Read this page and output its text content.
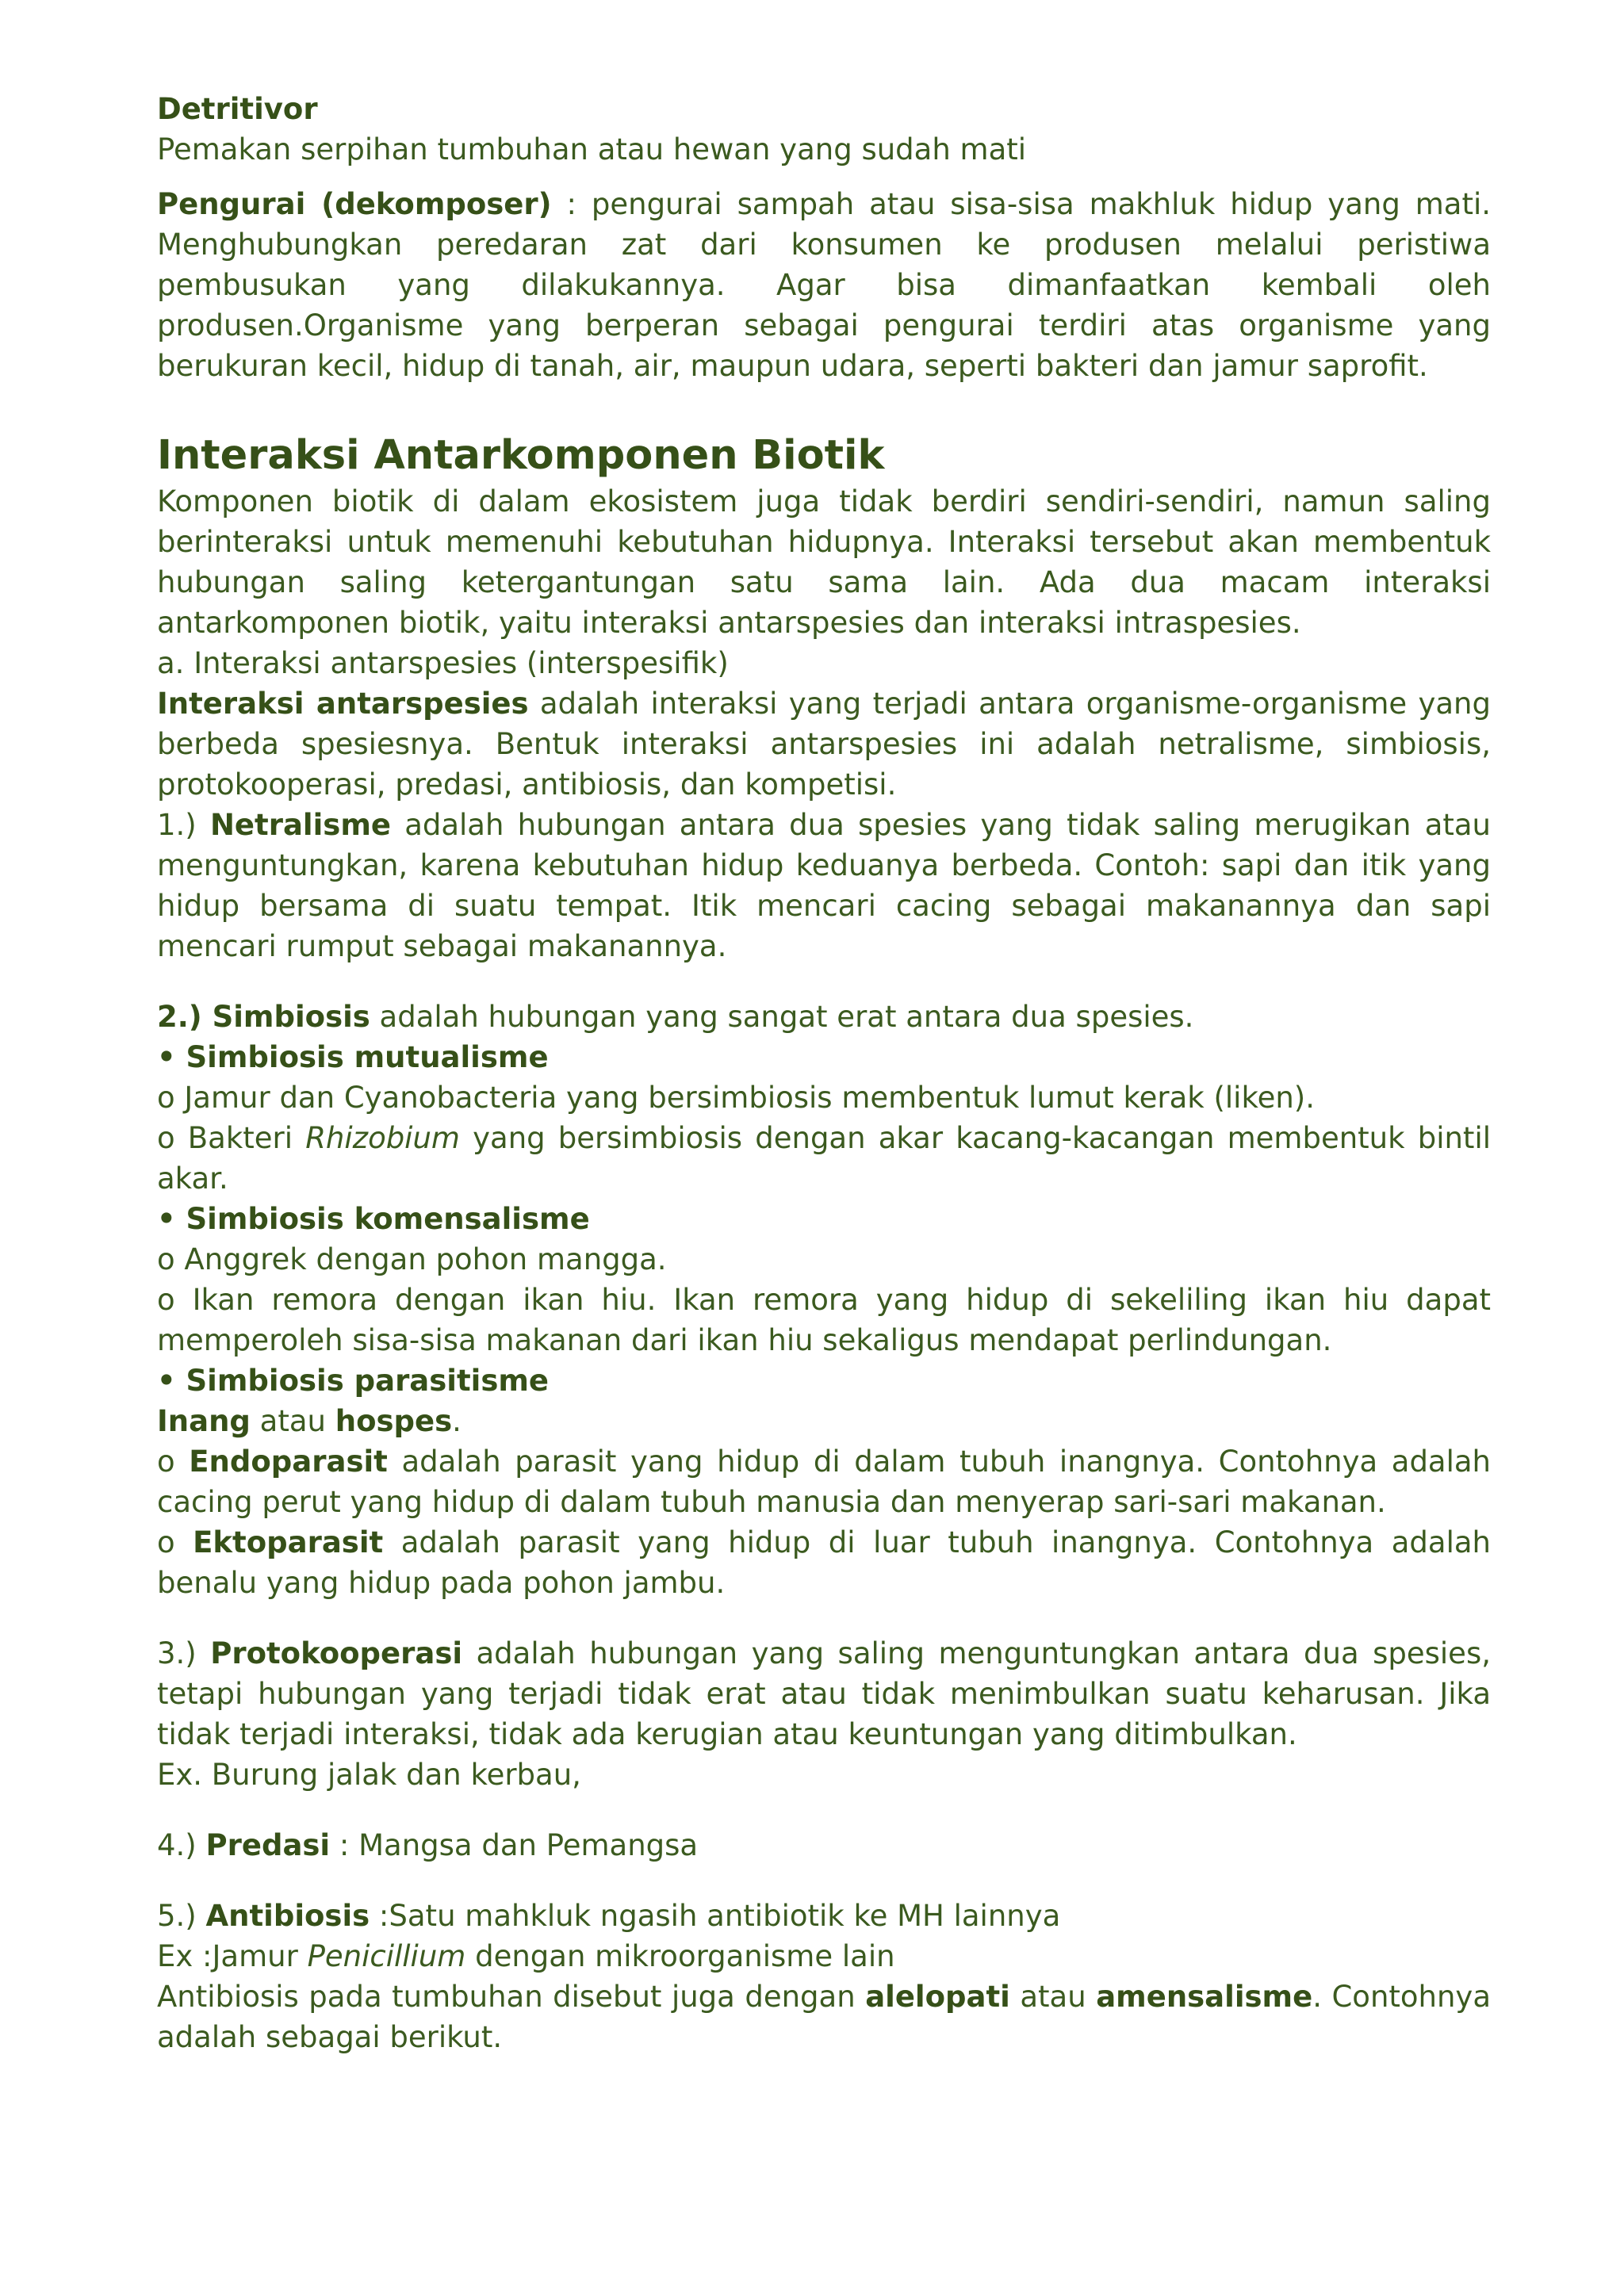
Detritivor

Pemakan serpihan tumbuhan atau hewan yang sudah mati

Pengurai (dekomposer) : pengurai sampah atau sisa-sisa makhluk hidup yang mati. Menghubungkan peredaran zat dari konsumen ke produsen melalui peristiwa pembusukan yang dilakukannya. Agar bisa dimanfaatkan kembali oleh produsen.Organisme yang berperan sebagai pengurai terdiri atas organisme yang berukuran kecil, hidup di tanah, air, maupun udara, seperti bakteri dan jamur saprofit.

Interaksi Antarkomponen Biotik

Komponen biotik di dalam ekosistem juga tidak berdiri sendiri-sendiri, namun saling berinteraksi untuk memenuhi kebutuhan hidupnya. Interaksi tersebut akan membentuk hubungan saling ketergantungan satu sama lain. Ada dua macam interaksi antarkomponen biotik, yaitu interaksi antarspesies dan interaksi intraspesies.

a. Interaksi antarspesies (interspesifik)

Interaksi antarspesies adalah interaksi yang terjadi antara organisme-organisme yang berbeda spesiesnya. Bentuk interaksi antarspesies ini adalah netralisme, simbiosis, protokooperasi, predasi, antibiosis, dan kompetisi.

1.) Netralisme adalah hubungan antara dua spesies yang tidak saling merugikan atau menguntungkan, karena kebutuhan hidup keduanya berbeda. Contoh: sapi dan itik yang hidup bersama di suatu tempat. Itik mencari cacing sebagai makanannya dan sapi mencari rumput sebagai makanannya.

2.) Simbiosis adalah hubungan yang sangat erat antara dua spesies.

• Simbiosis mutualisme

o Jamur dan Cyanobacteria yang bersimbiosis membentuk lumut kerak (liken).

o Bakteri Rhizobium yang bersimbiosis dengan akar kacang-kacangan membentuk bintil akar.

• Simbiosis komensalisme

o Anggrek dengan pohon mangga.

o Ikan remora dengan ikan hiu. Ikan remora yang hidup di sekeliling ikan hiu dapat memperoleh sisa-sisa makanan dari ikan hiu sekaligus mendapat perlindungan.

• Simbiosis parasitisme

Inang atau hospes.

o Endoparasit adalah parasit yang hidup di dalam tubuh inangnya. Contohnya adalah cacing perut yang hidup di dalam tubuh manusia dan menyerap sari-sari makanan.

o Ektoparasit adalah parasit yang hidup di luar tubuh inangnya. Contohnya adalah benalu yang hidup pada pohon jambu.

3.) Protokooperasi adalah hubungan yang saling menguntungkan antara dua spesies, tetapi hubungan yang terjadi tidak erat atau tidak menimbulkan suatu keharusan. Jika tidak terjadi interaksi, tidak ada kerugian atau keuntungan yang ditimbulkan.

Ex. Burung jalak dan kerbau,

4.) Predasi : Mangsa dan Pemangsa

5.) Antibiosis :Satu mahkluk ngasih antibiotik ke MH lainnya

Ex :Jamur Penicillium dengan mikroorganisme lain

Antibiosis pada tumbuhan disebut juga dengan alelopati atau amensalisme. Contohnya adalah sebagai berikut.
